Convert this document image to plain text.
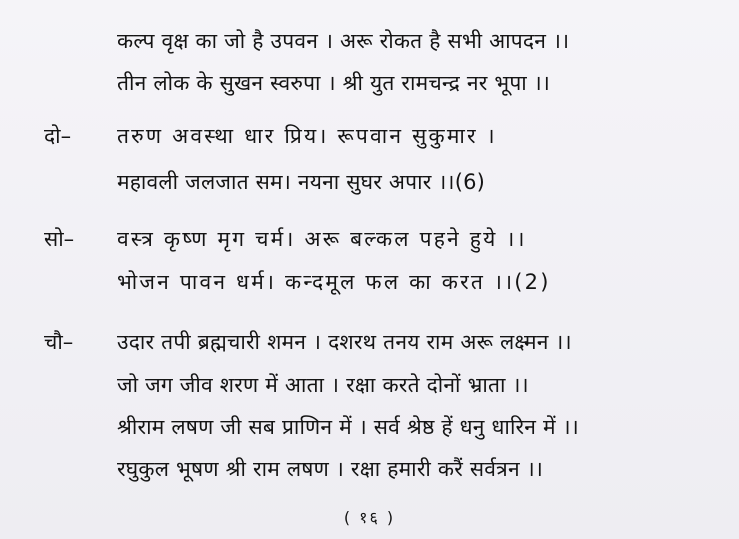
कल्प वृक्ष का जो है उपवन । अरू रोकत है सभी आपदन ।।
तीन लोक के सुखन स्वरुपा । श्री युत रामचन्द्र नर भूपा ।।
दो– तरुण अवस्था धार प्रिय। रूपवान सुकुमार ।
महावली जलजात सम। नयना सुघर अपार ।।(6)
सो– वस्त्र कृष्ण मृग चर्म। अरू बल्कल पहने हुये ।।
भोजन पावन धर्म। कन्दमूल फल का करत ।।(2)
चौ– उदार तपी ब्रह्मचारी शमन । दशरथ तनय राम अरू लक्ष्मन ।।
जो जग जीव शरण में आता । रक्षा करते दोनों भ्राता ।।
श्रीराम लषण जी सब प्राणिन में । सर्व श्रेष्ठ हें धनु धारिन में ।।
रघुकुल भूषण श्री राम लषण । रक्षा हमारी करैं सर्वत्रन ।।
( १६ )
